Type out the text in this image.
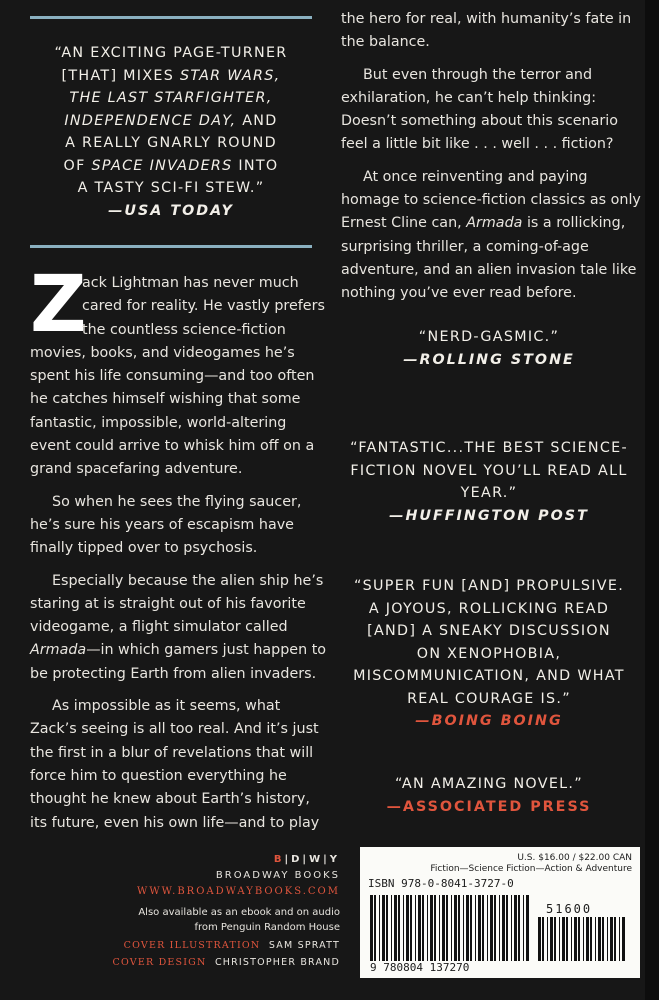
“AN EXCITING PAGE-TURNER
[THAT] MIXES STAR WARS,
THE LAST STARFIGHTER,
INDEPENDENCE DAY, AND
A REALLY GNARLY ROUND
OF SPACE INVADERS INTO
A TASTY SCI-FI STEW.”
—USA TODAY

Z
ack Lightman has never much cared for reality. He vastly prefers the countless science-fiction movies, books, and videogames he’s spent his life consuming—and too often he catches himself wishing that some fantastic, impossible, world-altering event could arrive to whisk him off on a grand spacefaring adventure.

So when he sees the flying saucer, he’s sure his years of escapism have finally tipped over to psychosis.

Especially because the alien ship he’s staring at is straight out of his favorite videogame, a flight simulator called Armada—in which gamers just happen to be protecting Earth from alien invaders.

As impossible as it seems, what Zack’s seeing is all too real. And it’s just the first in a blur of revelations that will force him to question everything he thought he knew about Earth’s history, its future, even his own life—and to play

the hero for real, with humanity’s fate in the balance.

But even through the terror and exhilaration, he can’t help thinking: Doesn’t something about this scenario feel a little bit like . . . well . . . fiction?

At once reinventing and paying homage to science-fiction classics as only Ernest Cline can, Armada is a rollicking, surprising thriller, a coming-of-age adventure, and an alien invasion tale like nothing you’ve ever read before.

“NERD-GASMIC.”
—ROLLING STONE
“FANTASTIC...THE BEST SCIENCE-FICTION NOVEL YOU’LL READ ALL YEAR.”
—HUFFINGTON POST
“SUPER FUN [AND] PROPULSIVE. A JOYOUS, ROLLICKING READ [AND] A SNEAKY DISCUSSION ON XENOPHOBIA, MISCOMMUNICATION, AND WHAT REAL COURAGE IS.”
—BOING BOING
“AN AMAZING NOVEL.”
—ASSOCIATED PRESS
B|D|W|Y
BROADWAY BOOKS
WWW.BROADWAYBOOKS.COM
Also available as an ebook and on audio
from Penguin Random House
COVER ILLUSTRATION SAM SPRATT
COVER DESIGN CHRISTOPHER BRAND
U.S. $16.00 / $22.00 CAN
Fiction—Science Fiction—Action & Adventure
ISBN 978-0-8041-3727-0
51600
9 780804 137270
